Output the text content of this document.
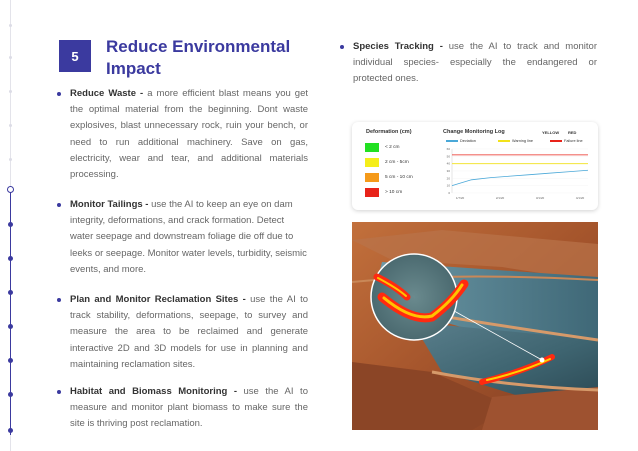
5	Reduce Environmental Impact
Reduce Waste - a more efficient blast means you get the optimal material from the beginning. Dont waste explosives, blast unnecessary rock, ruin your bench, or need to run additional machinery. Save on gas, electricity, wear and tear, and additional materials processing.
Monitor Tailings - use the AI to keep an eye on dam integrity, deformations, and crack formation. Detect water seepage and downstream foliage die off due to leeks or seepage. Monitor water levels, turbidity, seismic events, and more.
Plan and Monitor Reclamation Sites - use the AI to track stability, deformations, seepage, to survey and measure the area to be reclaimed and generate interactive 2D and 3D models for use in planning and maintaining reclamation sites.
Habitat and Biomass Monitoring - use the AI to measure and monitor plant biomass to make sure the site is thriving post reclamation.
Species Tracking - use the AI to track and monitor individual species- especially the endangered or protected ones.
Deformation (cm)
< 2 cm
2 cm - 5cm
5 cm - 10 cm
> 10 cm
Change Monitoring Log	YELLOW RED
Deviation	Warning line	Failure line
60
50
40
30
20
10
0
1/7/20	2/1/20	3/1/20	4/1/20
